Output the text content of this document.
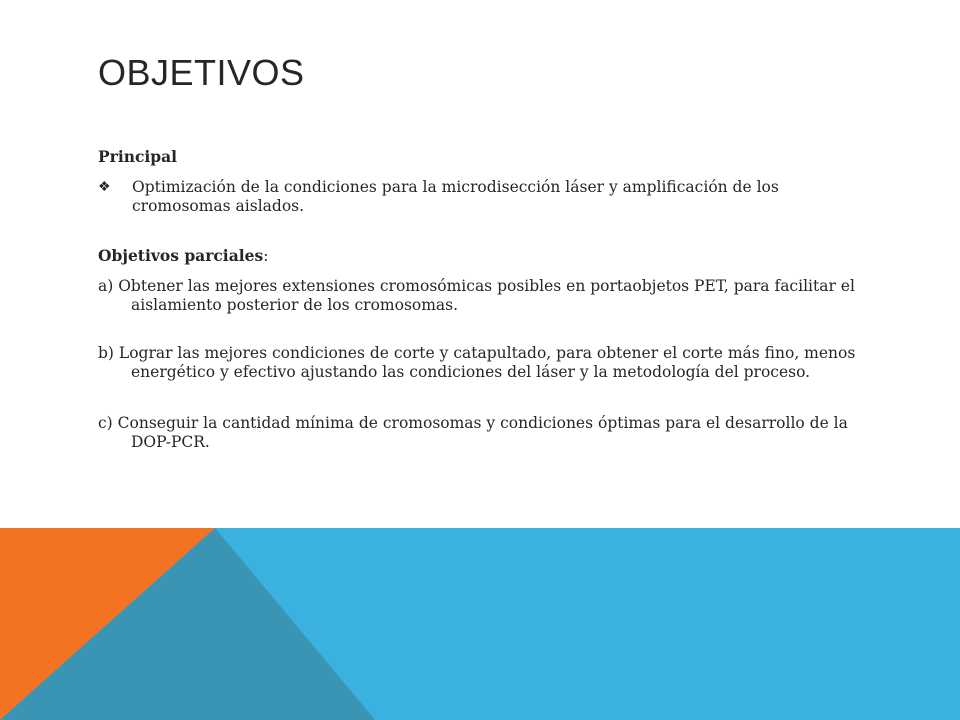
OBJETIVOS

Principal

❖	Optimización de la condiciones para la microdisección láser y amplificación de los cromosomas aislados.

Objetivos parciales:

a) Obtener las mejores extensiones cromosómicas posibles en portaobjetos PET, para facilitar el aislamiento posterior de los cromosomas.

b) Lograr las mejores condiciones de corte y catapultado, para obtener el corte más fino, menos energético y efectivo ajustando las condiciones del láser y la metodología del proceso.

c) Conseguir la cantidad mínima de cromosomas y condiciones óptimas para el desarrollo de la DOP-PCR.
